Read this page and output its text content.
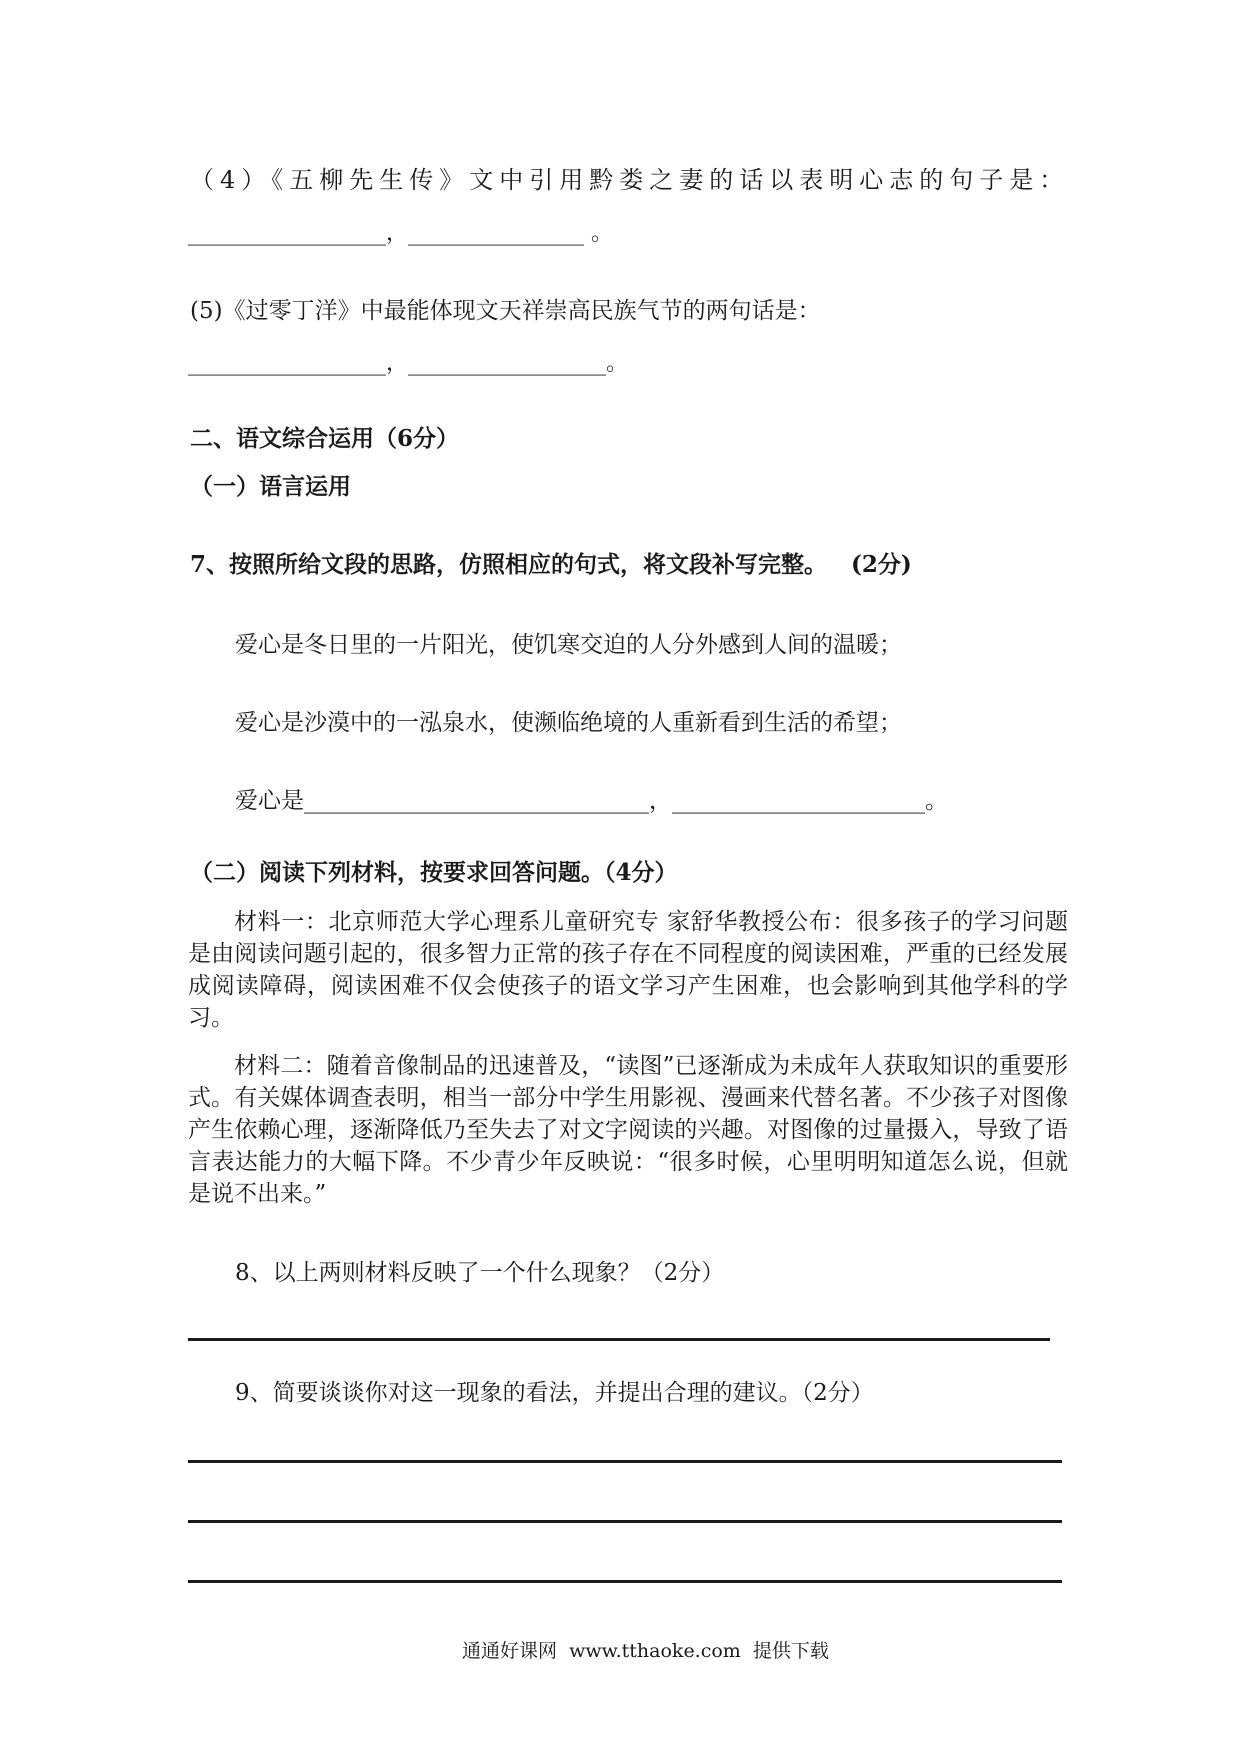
（4）《五柳先生传》文中引用黔娄之妻的话以表明心志的句子是：
__________________，________________ 。
(5)《过零丁洋》中最能体现文天祥崇高民族气节的两句话是：
__________________，__________________。
二、语文综合运用（6分）
（一）语言运用
7、按照所给文段的思路，仿照相应的句式，将文段补写完整。   (2分)
爱心是冬日里的一片阳光，使饥寒交迫的人分外感到人间的温暖；
爱心是沙漠中的一泓泉水，使濒临绝境的人重新看到生活的希望；
爱心是______________________________，______________________。
（二）阅读下列材料，按要求回答问题。（4分）
材料一：北京师范大学心理系儿童研究专 家舒华教授公布：很多孩子的学习问题是由阅读问题引起的，很多智力正常的孩子存在不同程度的阅读困难，严重的已经发展成阅读障碍，阅读困难不仅会使孩子的语文学习产生困难，也会影响到其他学科的学习。
材料二：随着音像制品的迅速普及，“读图”已逐渐成为未成年人获取知识的重要形式。有关媒体调查表明，相当一部分中学生用影视、漫画来代替名著。不少孩子对图像产生依赖心理，逐渐降低乃至失去了对文字阅读的兴趣。对图像的过量摄入，导致了语言表达能力的大幅下降。不少青少年反映说：“很多时候，心里明明知道怎么说，但就是说不出来。”
8、以上两则材料反映了一个什么现象？（2分）
9、简要谈谈你对这一现象的看法，并提出合理的建议。（2分）
通通好课网  www.tthaoke.com  提供下载
